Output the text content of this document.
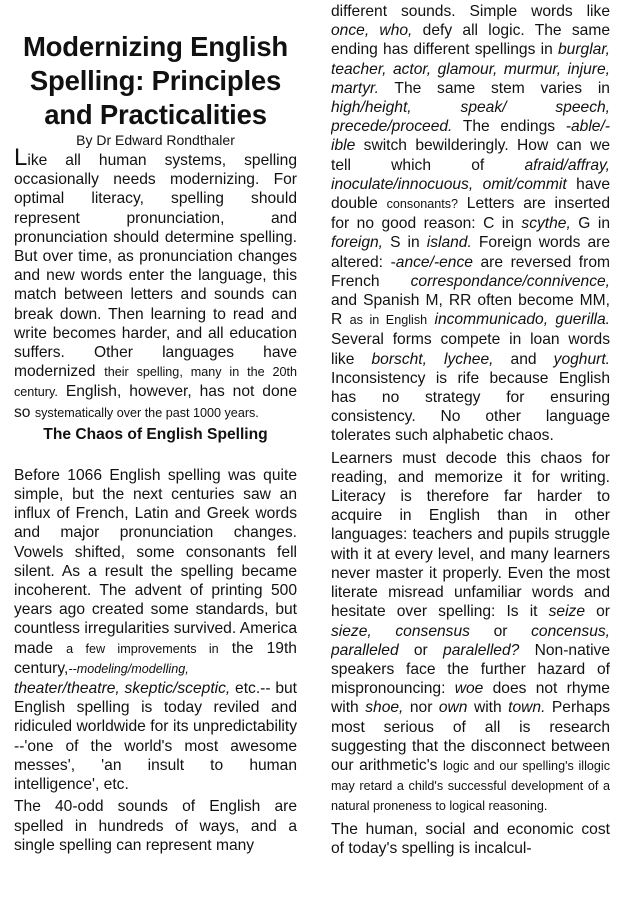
Modernizing English Spelling: Principles and Practicalities
By Dr Edward Rondthaler

Like all human systems, spelling occasionally needs modernizing. For optimal literacy, spelling should represent pronunciation, and pronunciation should determine spelling. But over time, as pronunciation changes and new words enter the language, this match between letters and sounds can break down. Then learning to read and write becomes harder, and all education suffers. Other languages have modernized their spelling, many in the 20th century. English, however, has not done so systematically over the past 1000 years.

The Chaos of English Spelling

Before 1066 English spelling was quite simple, but the next centuries saw an influx of French, Latin and Greek words and major pronunciation changes. Vowels shifted, some consonants fell silent. As a result the spelling became incoherent. The advent of printing 500 years ago created some standards, but countless irregularities survived. America made a few improvements in the 19th century,--modeling/modelling, theater/theatre, skeptic/sceptic, etc.-- but English spelling is today reviled and ridiculed worldwide for its unpredictability --'one of the world's most awesome messes', 'an insult to human intelligence', etc.

The 40-odd sounds of English are spelled in hundreds of ways, and a single spelling can represent many

different sounds. Simple words like once, who, defy all logic. The same ending has different spellings in burglar, teacher, actor, glamour, murmur, injure, martyr. The same stem varies in high/height, speak/ speech, precede/proceed. The endings -able/-ible switch bewilderingly. How can we tell which of afraid/affray, inoculate/innocuous, omit/commit have double consonants? Letters are inserted for no good reason: C in scythe, G in foreign, S in island. Foreign words are altered: -ance/-ence are reversed from French correspondance/connivence, and Spanish M, RR often become MM, R as in English incommunicado, guerilla. Several forms compete in loan words like borscht, lychee, and yoghurt. Inconsistency is rife because English has no strategy for ensuring consistency. No other language tolerates such alphabetic chaos.

Learners must decode this chaos for reading, and memorize it for writing. Literacy is therefore far harder to acquire in English than in other languages: teachers and pupils struggle with it at every level, and many learners never master it properly. Even the most literate misread unfamiliar words and hesitate over spelling: Is it seize or sieze, consensus or concensus, paralleled or paralelled? Non-native speakers face the further hazard of mispronouncing: woe does not rhyme with shoe, nor own with town. Perhaps most serious of all is research suggesting that the disconnect between our arithmetic's logic and our spelling's illogic may retard a child's successful development of a natural proneness to logical reasoning.

The human, social and economic cost of today's spelling is incalcul-
